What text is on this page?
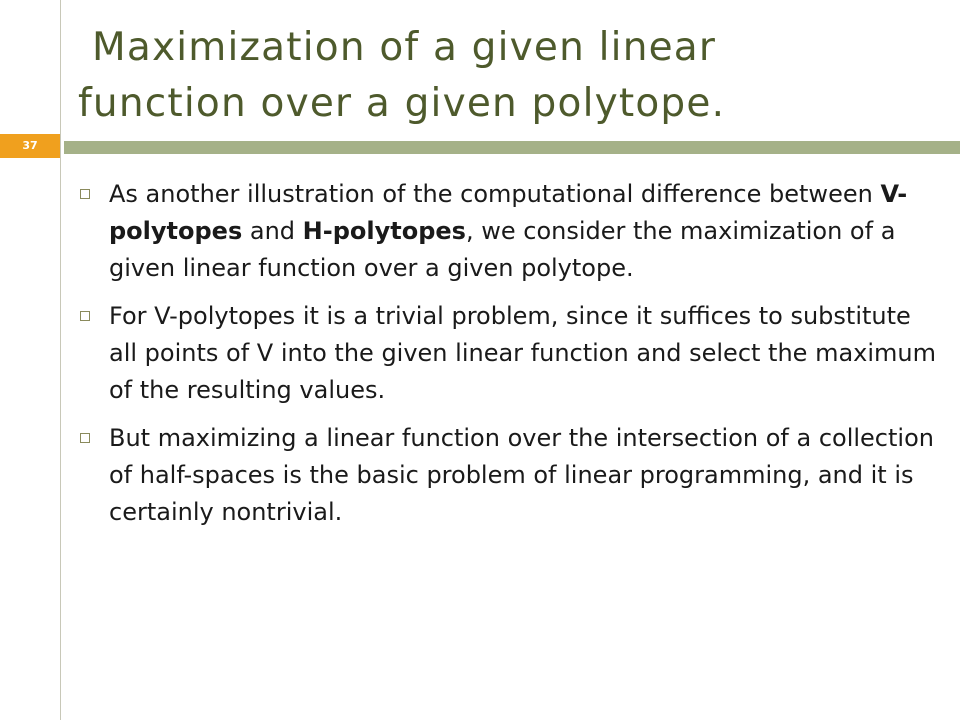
Maximization of a given linear
function over a given polytope.
37
As another illustration of the computational difference between V-polytopes and H-polytopes, we consider the maximization of a given linear function over a given polytope.
For V-polytopes it is a trivial problem, since it suffices to substitute all points of V into the given linear function and select the maximum of the resulting values.
But maximizing a linear function over the intersection of a collection of half-spaces is the basic problem of linear programming, and it is certainly nontrivial.
